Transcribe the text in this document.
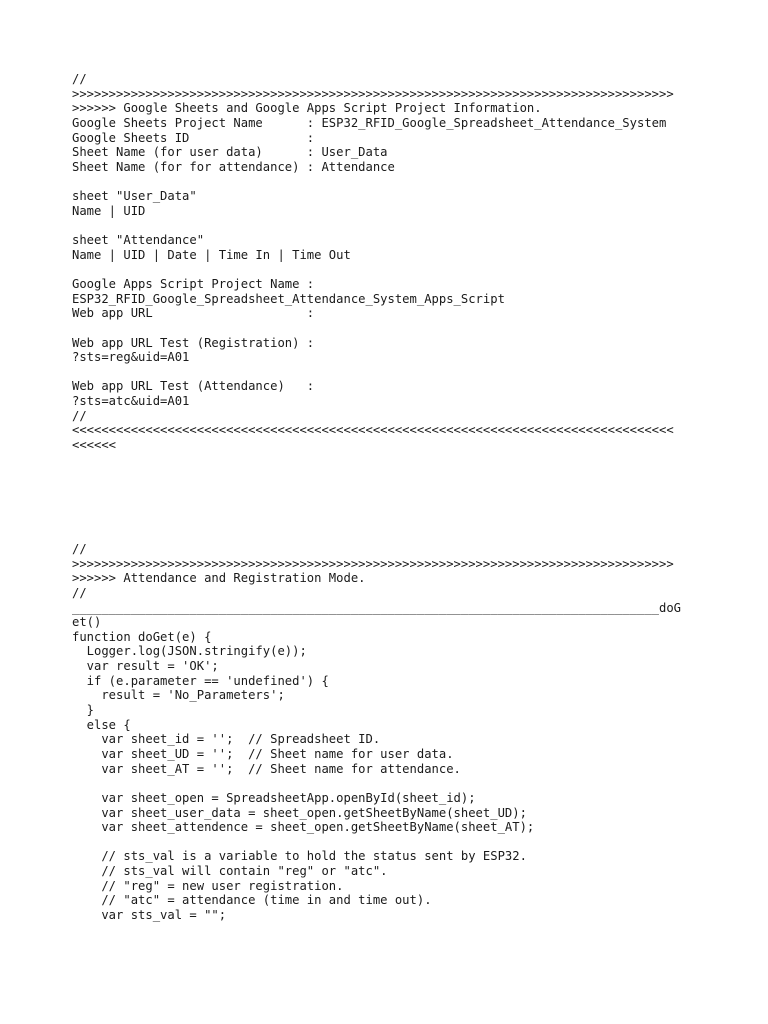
//
>>>>>>>>>>>>>>>>>>>>>>>>>>>>>>>>>>>>>>>>>>>>>>>>>>>>>>>>>>>>>>>>>>>>>>>>>>>>>>>>>>
>>>>>> Google Sheets and Google Apps Script Project Information.
Google Sheets Project Name      : ESP32_RFID_Google_Spreadsheet_Attendance_System
Google Sheets ID                :
Sheet Name (for user data)      : User_Data
Sheet Name (for for attendance) : Attendance

sheet "User_Data"
Name | UID

sheet "Attendance"
Name | UID | Date | Time In | Time Out

Google Apps Script Project Name :
ESP32_RFID_Google_Spreadsheet_Attendance_System_Apps_Script
Web app URL                     :

Web app URL Test (Registration) :
?sts=reg&uid=A01

Web app URL Test (Attendance)   :
?sts=atc&uid=A01
//
<<<<<<<<<<<<<<<<<<<<<<<<<<<<<<<<<<<<<<<<<<<<<<<<<<<<<<<<<<<<<<<<<<<<<<<<<<<<<<<<<<
<<<<<<
//
>>>>>>>>>>>>>>>>>>>>>>>>>>>>>>>>>>>>>>>>>>>>>>>>>>>>>>>>>>>>>>>>>>>>>>>>>>>>>>>>>>
>>>>>> Attendance and Registration Mode.
//
________________________________________________________________________________doG
et()
function doGet(e) {
Logger.log(JSON.stringify(e));
var result = 'OK';
if (e.parameter == 'undefined') {
result = 'No_Parameters';
}
else {
var sheet_id = '';  // Spreadsheet ID.
var sheet_UD = '';  // Sheet name for user data.
var sheet_AT = '';  // Sheet name for attendance.

var sheet_open = SpreadsheetApp.openById(sheet_id);
var sheet_user_data = sheet_open.getSheetByName(sheet_UD);
var sheet_attendence = sheet_open.getSheetByName(sheet_AT);

// sts_val is a variable to hold the status sent by ESP32.
// sts_val will contain "reg" or "atc".
// "reg" = new user registration.
// "atc" = attendance (time in and time out).
var sts_val = "";
